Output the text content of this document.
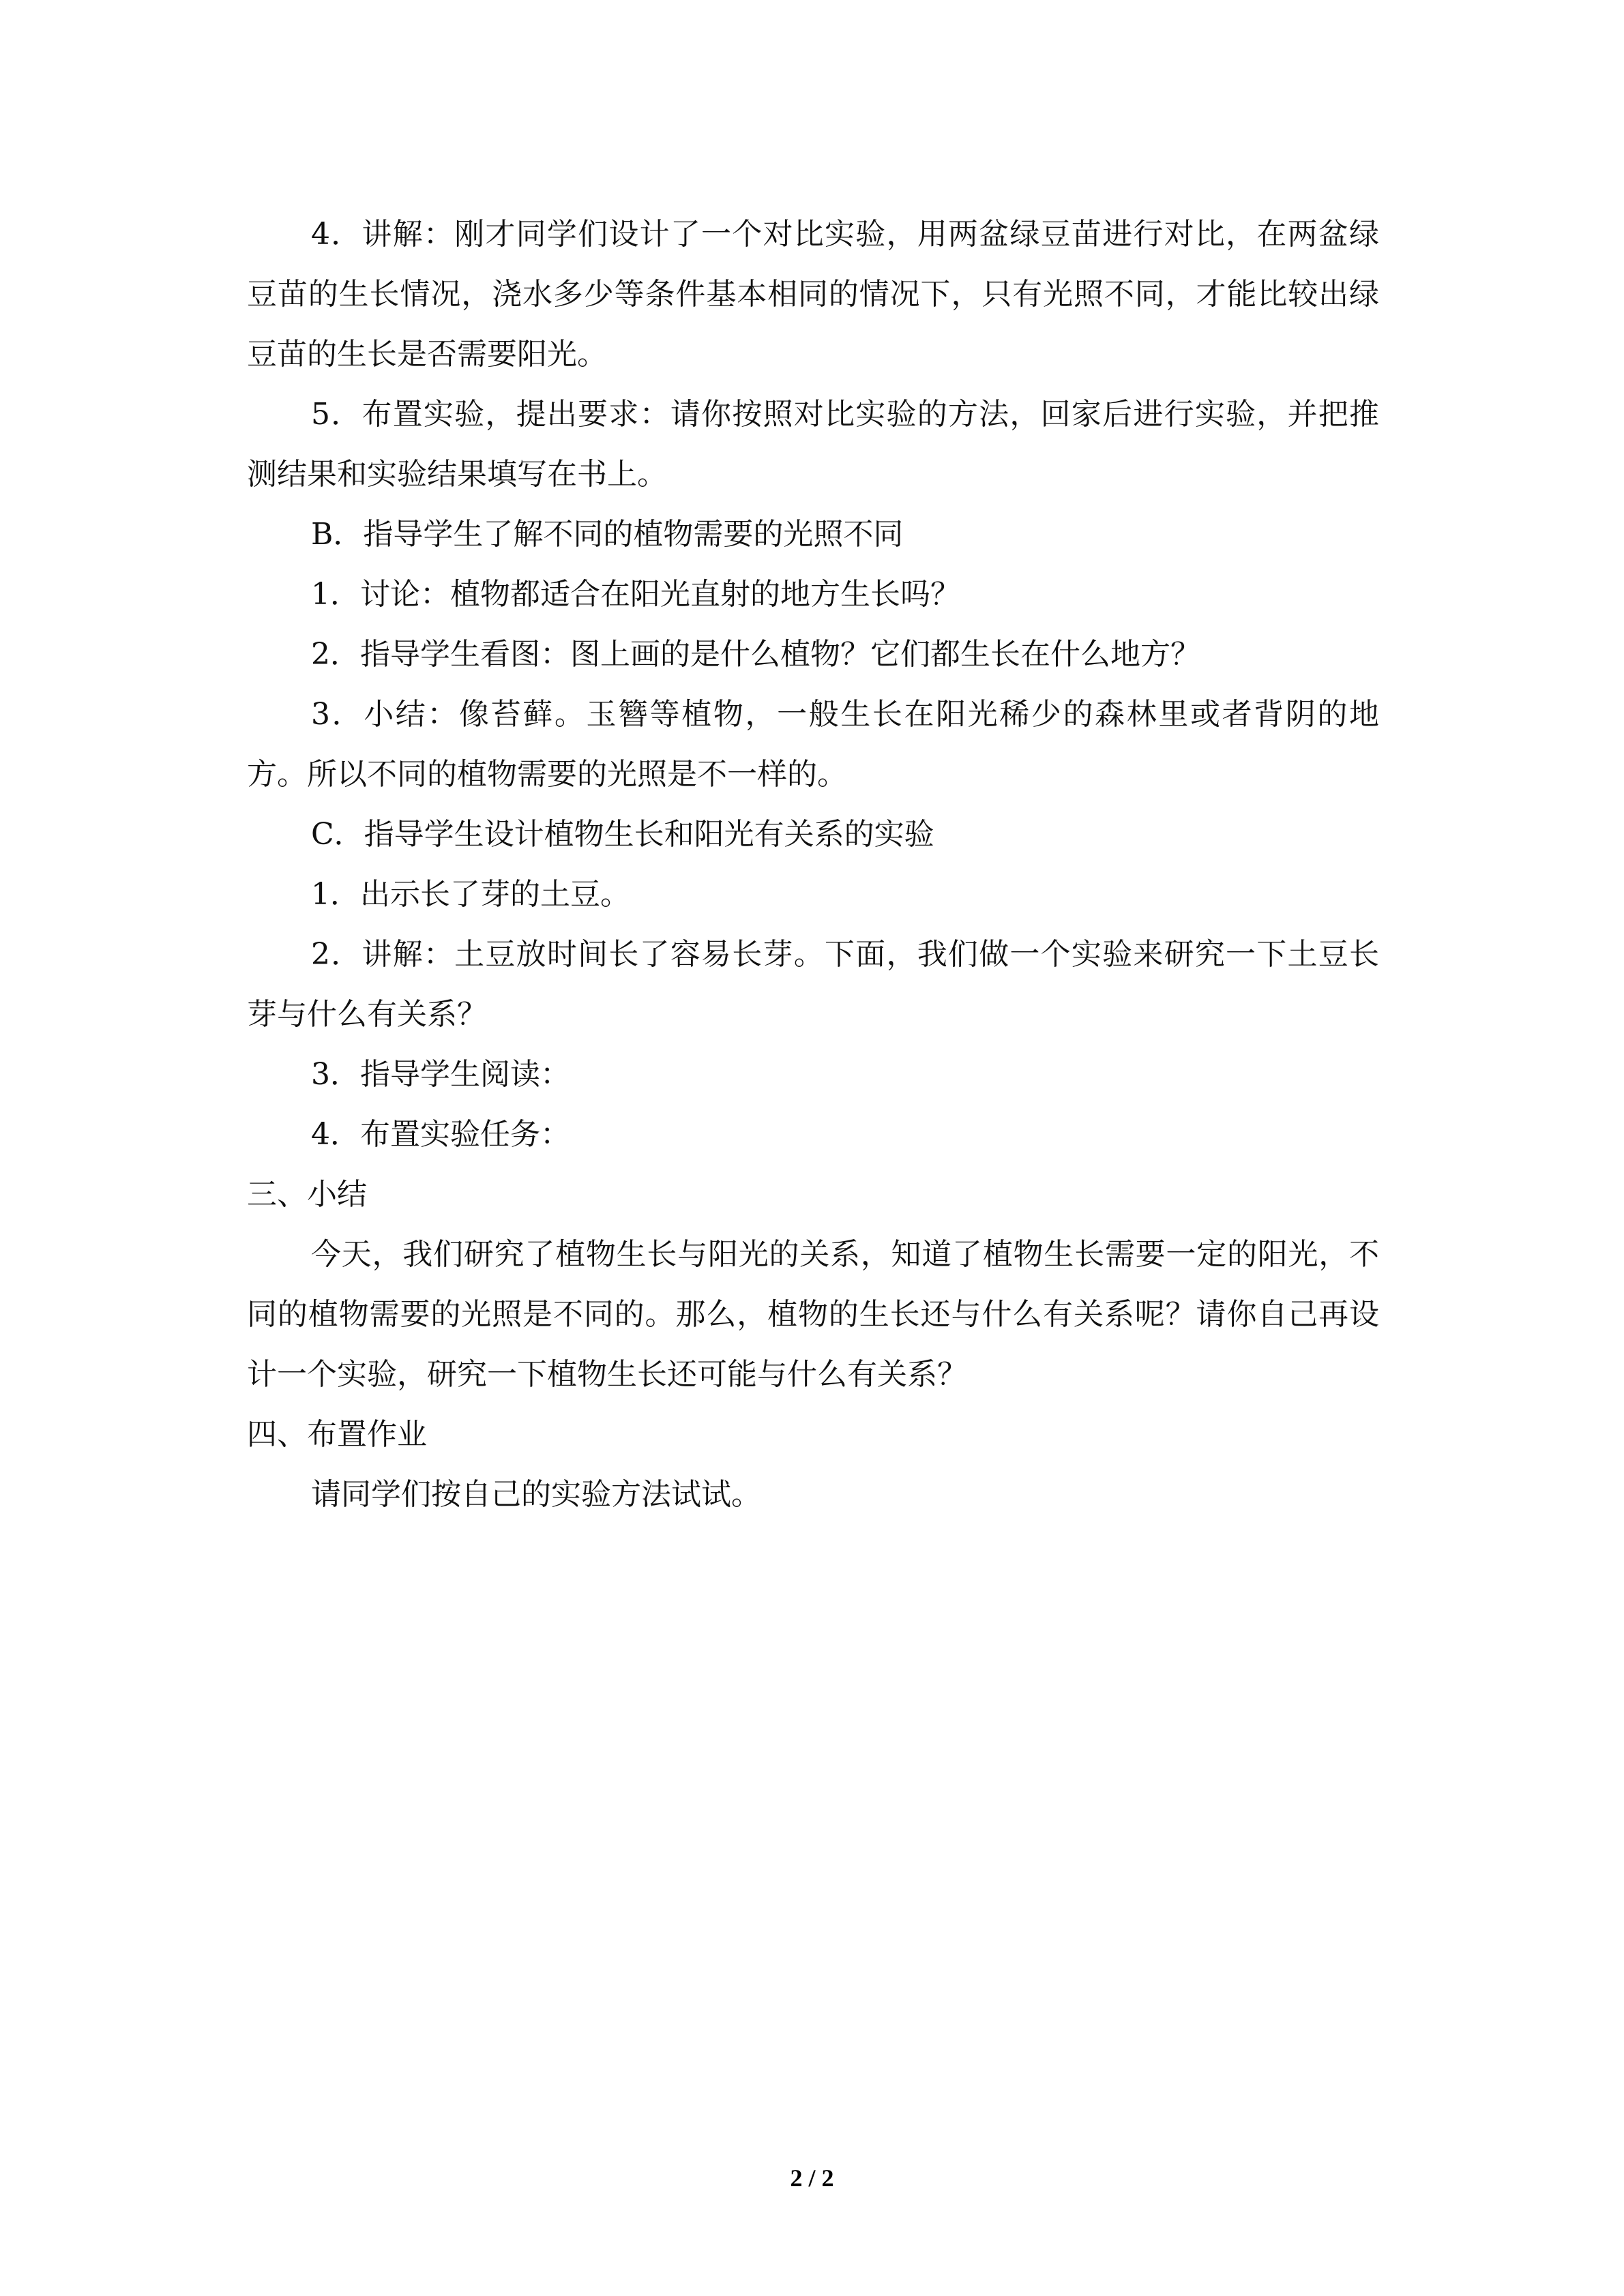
4．讲解：刚才同学们设计了一个对比实验，用两盆绿豆苗进行对比，在两盆绿豆苗的生长情况，浇水多少等条件基本相同的情况下，只有光照不同，才能比较出绿豆苗的生长是否需要阳光。

5．布置实验，提出要求：请你按照对比实验的方法，回家后进行实验，并把推测结果和实验结果填写在书上。

B．指导学生了解不同的植物需要的光照不同

1．讨论：植物都适合在阳光直射的地方生长吗？

2．指导学生看图：图上画的是什么植物？它们都生长在什么地方？

3．小结：像苔藓。玉簪等植物，一般生长在阳光稀少的森林里或者背阴的地方。所以不同的植物需要的光照是不一样的。

C．指导学生设计植物生长和阳光有关系的实验

1．出示长了芽的土豆。

2．讲解：土豆放时间长了容易长芽。下面，我们做一个实验来研究一下土豆长芽与什么有关系？

3．指导学生阅读：

4．布置实验任务：

三、小结

今天，我们研究了植物生长与阳光的关系，知道了植物生长需要一定的阳光，不同的植物需要的光照是不同的。那么，植物的生长还与什么有关系呢？请你自己再设计一个实验，研究一下植物生长还可能与什么有关系？

四、布置作业

请同学们按自己的实验方法试试。

2 / 2
